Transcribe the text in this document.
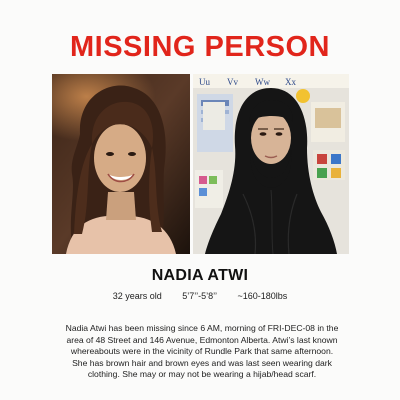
MISSING PERSON
Uu Vv Ww Xx
NADIA ATWI
32 years old 5’7’’-5’8’’ ~160-180lbs
Nadia Atwi has been missing since 6 AM, morning of FRI-DEC-08 in the
area of 48 Street and 146 Avenue, Edmonton Alberta. Atwi’s last known
whereabouts were in the vicinity of Rundle Park that same afternoon.
She has brown hair and brown eyes and was last seen wearing dark
clothing. She may or may not be wearing a hijab/head scarf.
